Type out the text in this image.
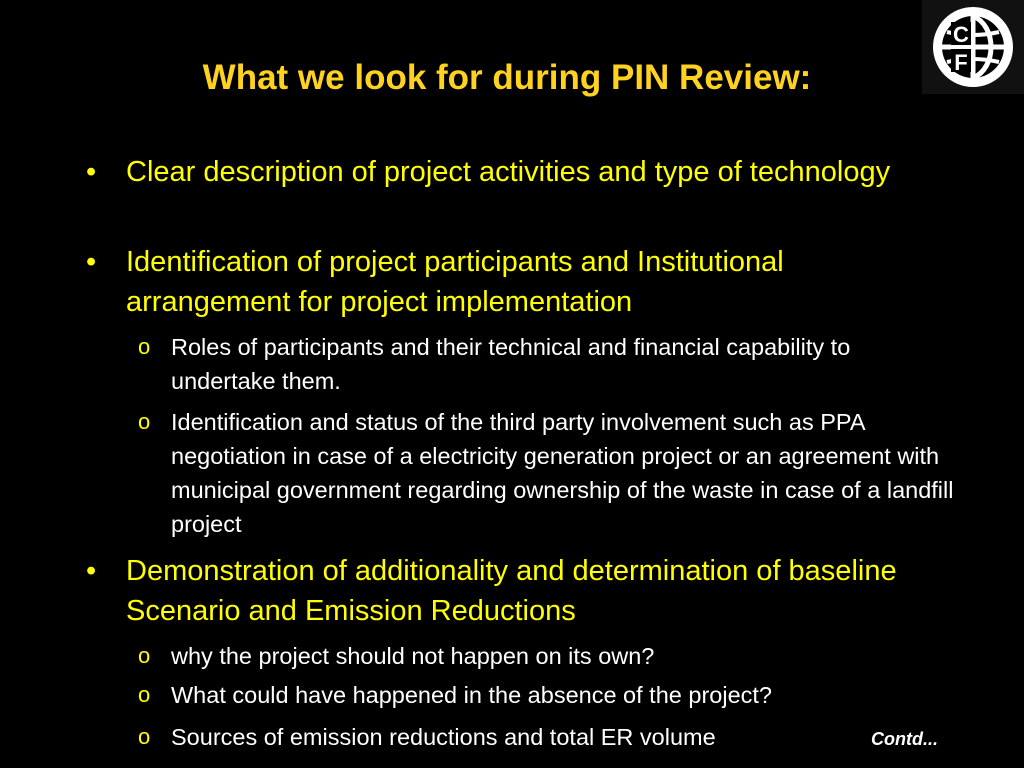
C
F
What we look for during PIN Review:
• Clear description of project activities and type of technology
• Identification of project participants and Institutional arrangement for project implementation
o Roles of participants and their technical and financial capability to undertake them.
o Identification and status of the third party involvement such as PPA negotiation in case of a electricity generation project or an agreement with municipal government regarding ownership of the waste in case of a landfill project
• Demonstration of additionality and determination of baseline Scenario and Emission Reductions
o why the project should not happen on its own?
o What could have happened in the absence of the project?
o Sources of emission reductions and total ER volume	Contd...
